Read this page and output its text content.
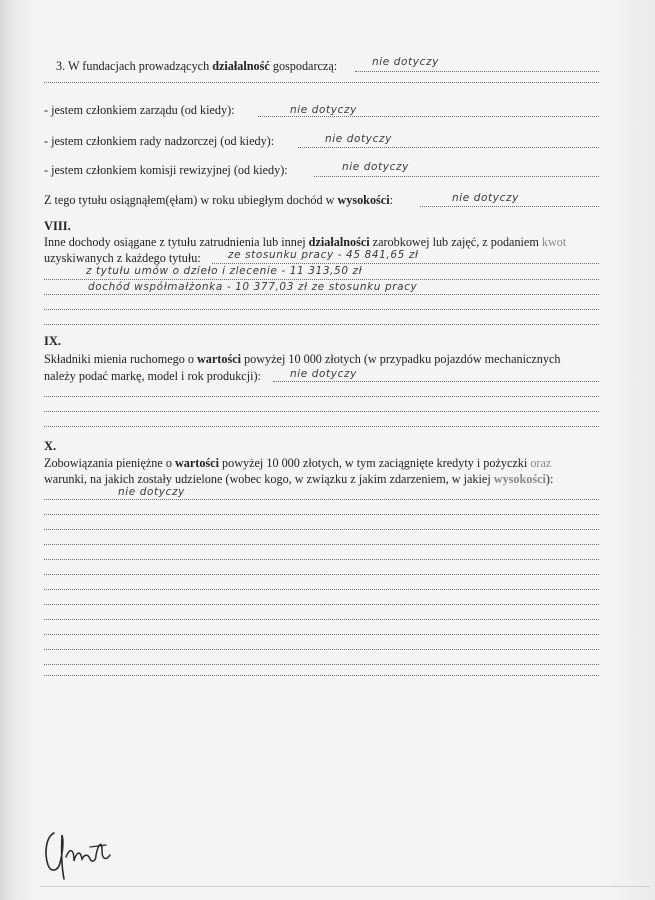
3. W fundacjach prowadzących działalność gospodarczą:	nie dotyczy
- jestem członkiem zarządu (od kiedy):	nie dotyczy
- jestem członkiem rady nadzorczej (od kiedy):	nie dotyczy
- jestem członkiem komisji rewizyjnej (od kiedy):	nie dotyczy
Z tego tytułu osiągnąłem(ęłam) w roku ubiegłym dochód w wysokości:	nie dotyczy
VIII.
Inne dochody osiągane z tytułu zatrudnienia lub innej działalności zarobkowej lub zajęć, z podaniem kwot
uzyskiwanych z każdego tytułu:	ze stosunku pracy - 45 841,65 zł
z tytułu umów o dzieło i zlecenie - 11 313,50 zł
dochód współmałżonka - 10 377,03 zł ze stosunku pracy
IX.
Składniki mienia ruchomego o wartości powyżej 10 000 złotych (w przypadku pojazdów mechanicznych
należy podać markę, model i rok produkcji):	nie dotyczy
X.
Zobowiązania pieniężne o wartości powyżej 10 000 złotych, w tym zaciągnięte kredyty i pożyczki oraz
warunki, na jakich zostały udzielone (wobec kogo, w związku z jakim zdarzeniem, w jakiej wysokości):
nie dotyczy
